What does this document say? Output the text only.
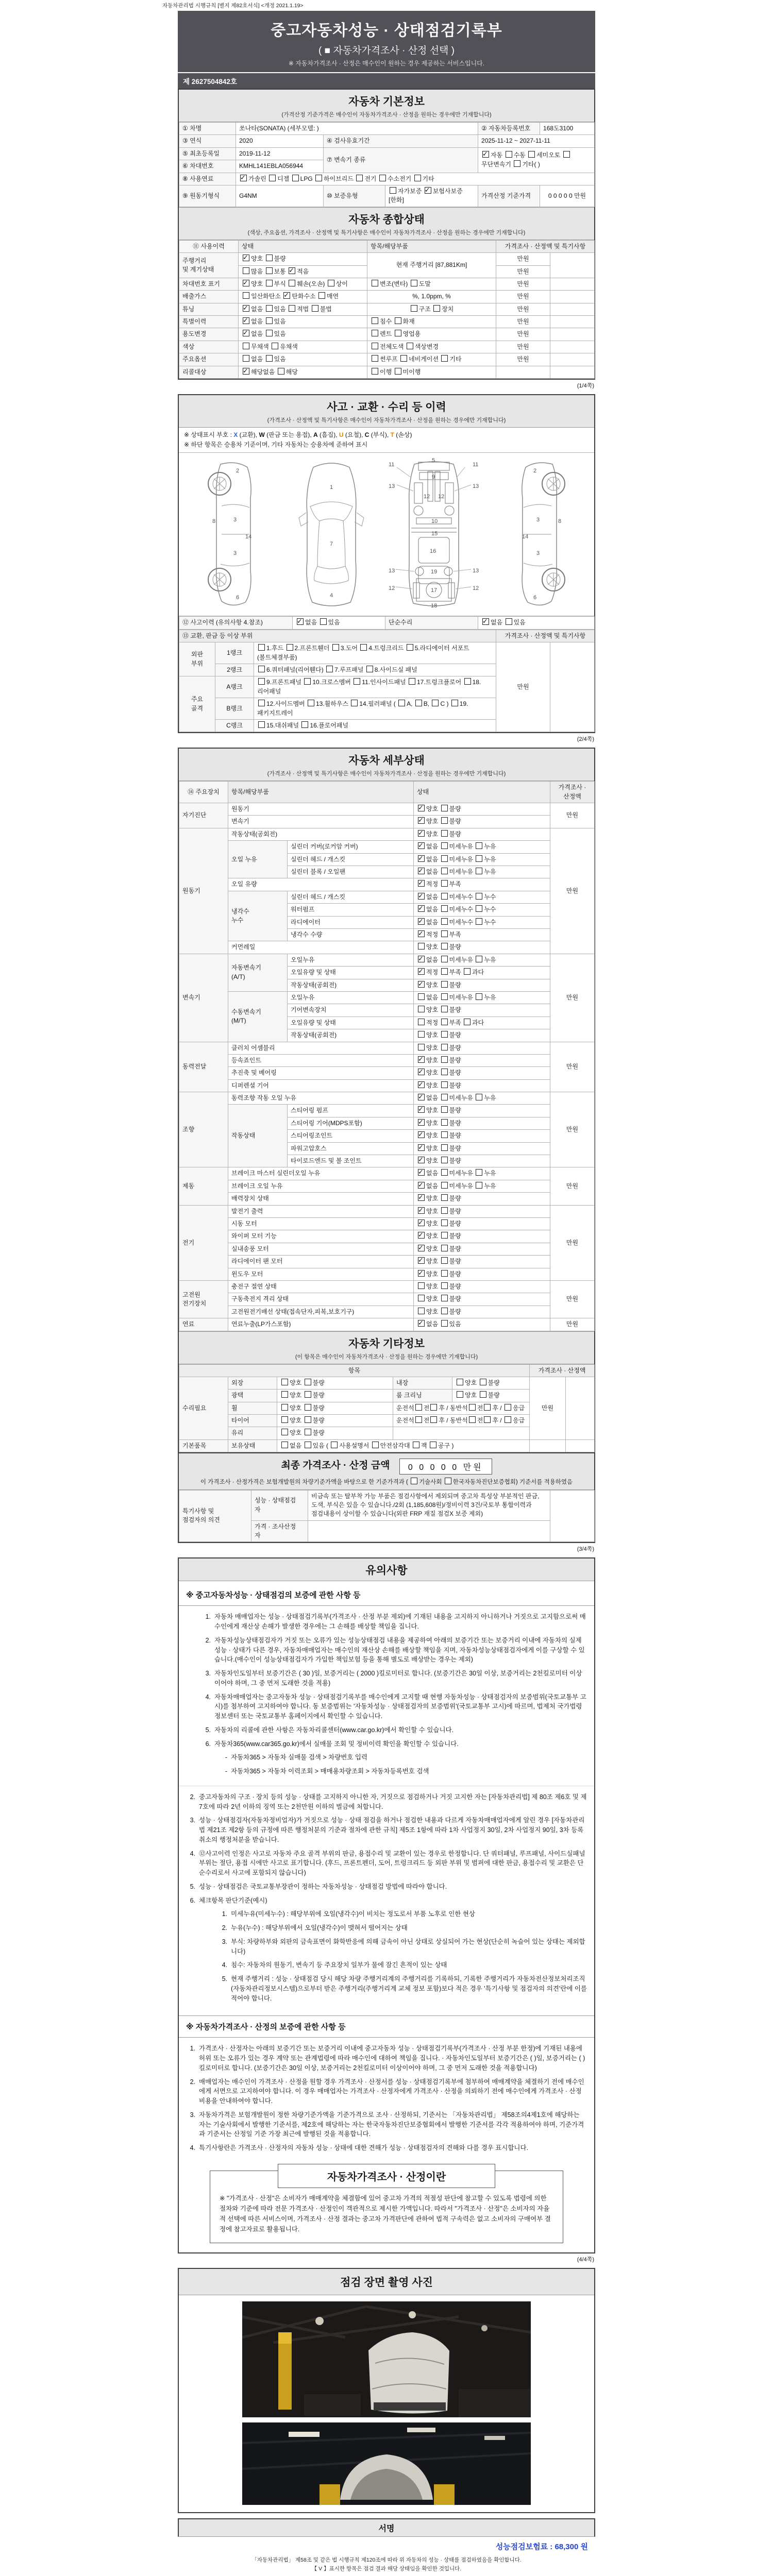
자동차관리법 시행규칙 [별지 제82호서식] <개정 2021.1.19>
중고자동차성능 · 상태점검기록부
( ■ 자동차가격조사 · 산정 선택 )
※ 자동차가격조사 · 산정은 매수인이 원하는 경우 제공하는 서비스입니다.
제 2627504842호
자동차 기본정보
(가격산정 기준가격은 매수인이 자동차가격조사 · 산정을 원하는 경우에만 기재합니다)
① 차명	쏘나타(SONATA) (세부모델: )			② 자동차등록번호	168도3100
③ 연식	2020	④ 검사유효기간		2025-11-12 ~ 2027-11-11	
⑤ 최초등록일	2019-11-12	⑦ 변속기 종류	✓자동 수동 세미오토 무단변속기 기타( )
⑥ 차대번호	KMHL141EBLA056944				
⑧ 사용연료	✓가솔린 디젤 LPG 하이브리드 전기 수소전기 기타
⑨ 원동기형식	G4NM	⑩ 보증유형	자가보증 ✓보험사보증 [한화]	가격산정 기준가격	0 0 0 0 0 만원
자동차 종합상태
(색상, 주요옵션, 가격조사 · 산정액 및 특기사항은 매수인이 자동차가격조사 · 산정을 원하는 경우에만 기재합니다)
⑪ 사용이력	상태	항목/해당부품	가격조사 · 산정액 및 특기사항	
주행거리
및 계기상태	✓양호 불량	현재 주행거리 [87,881Km]	만원	
	많음 보통 ✓적음		만원	
차대번호 표기	✓양호 부식 훼손(오손) 상이	변조(변타) 도말	만원	
배출가스	일산화탄소 ✓탄화수소 매연	%, 1.0ppm, %	만원	
튜닝	✓없음 있음 적법 불법	구조 장치	만원	
특별이력	✓없음 있음	침수 화재	만원	
용도변경	✓없음 있음	렌트 영업용	만원	
색상	무채색 유채색	전체도색 색상변경	만원	
주요옵션	없음 있음	썬루프 네비게이션 기타	만원	
리콜대상	✓해당없음 해당	이행 미이행		
(1/4쪽)
사고 · 교환 · 수리 등 이력
(가격조사 · 산정액 및 특기사항은 매수인이 자동차가격조사 · 산정을 원하는 경우에만 기재합니다)
※ 상태표시 부호 : X (교환), W (판금 또는 용접), A (흠집), U (요철), C (부식), T (손상)
※ 하단 항목은 승용차 기준이며, 기타 자동차는 승용차에 준하여 표시
2
8	3
14
3
6
1
7
4
11	11
5
9
13	13
12 12
10
15
16
13	13
19
12	12
17
18
2
8
3
14
3
6
⑫ 사고이력 (유의사항 4.참조)	✓없음 있음	단순수리	✓없음 있음
⑬ 교환, 판금 등 이상 부위			가격조사 · 산정액 및 특기사항	
외판
부위	1랭크	1.후드 2.프론트휀더 3.도어 4.트렁크리드 5.라디에이터 서포트(볼트체결부품)	만원	
	2랭크	6.쿼터패널(리어휀다) 7.루프패널 8.사이드실 패널		
주요
골격	A랭크	9.프론트패널 10.크로스멤버 11.인사이드패널 17.트렁크플로어 18.리어패널		
	B랭크	12.사이드멤버 13.휠하우스 14.필러패널 ( A, B, C ) 19.패키지트레이		
	C랭크	15.대쉬패널 16.플로어패널		
(2/4쪽)
자동차 세부상태
(가격조사 · 산정액 및 특기사항은 매수인이 자동차가격조사 · 산정을 원하는 경우에만 기재합니다)
⑭ 주요장치	항목/해당부품		상태	가격조사 · 산정액
자기진단	원동기	✓양호 불량	만원
	변속기	✓양호 불량
원동기	작동상태(공회전)	✓양호 불량	만원
	오일 누유	실린더 커버(로커암 커버)	✓없음 미세누유 누유
		실린더 헤드 / 개스킷	✓없음 미세누유 누유
		실린더 블록 / 오일팬	✓없음 미세누유 누유
	오일 유량	✓적정 부족
	냉각수
누수	실린더 헤드 / 개스킷	✓없음 미세누수 누수
		워터펌프	✓없음 미세누수 누수
		라디에이터	✓없음 미세누수 누수
		냉각수 수량	✓적정 부족
	커먼레일		양호 불량	
변속기	자동변속기
(A/T)	오일누유	✓없음 미세누유 누유	만원
		오일유량 및 상태	✓적정 부족 과다
		작동상태(공회전)	✓양호 불량
	수동변속기
(M/T)	오일누유	없음 미세누유 누유	
		기어변속장치	양호 불량	
		오일유량 및 상태	적정 부족 과다	
		작동상태(공회전)	양호 불량	
동력전달	클러치 어셈블리		양호 불량	만원
	등속죠인트	✓양호 불량
	추진축 및 베어링	✓양호 불량
	디퍼렌셜 기어	✓양호 불량
조향	동력조향 작동 오일 누유	✓없음 미세누유 누유	만원
	작동상태	스티어링 펌프	✓양호 불량
		스티어링 기어(MDPS포함)	✓양호 불량
		스티어링조인트	✓양호 불량
		파워고압호스	✓양호 불량
		타이로드엔드 및 볼 조인트	✓양호 불량
제동	브레이크 마스터 실린더오일 누유	✓없음 미세누유 누유	만원
	브레이크 오일 누유	✓없음 미세누유 누유
	배력장치 상태	✓양호 불량
전기	발전기 출력	✓양호 불량	만원
	시동 모터	✓양호 불량
	와이퍼 모터 기능	✓양호 불량
	실내송풍 모터	✓양호 불량
	라디에이터 팬 모터	✓양호 불량
	윈도우 모터	✓양호 불량
고전원
전기장치	충전구 절연 상태		양호 불량	만원
	구동축전지 격리 상태		양호 불량	
	고전원전기배선 상태(접속단자,피복,보호기구)		양호 불량	
연료	연료누출(LP가스포함)	✓없음 있음	만원
자동차 기타정보
(이 항목은 매수인이 자동차가격조사 · 산정을 원하는 경우에만 기재합니다)
항목					가격조사 · 산정액	
수리필요	외장	양호 불량	내장	양호 불량	만원	
	광택	양호 불량	룸 크리닝	양호 불량		
	휠	양호 불량	운전석 전 후 / 동반석 전 후 / 응급			
	타이어	양호 불량	운전석 전 후 / 동반석 전 후 / 응급			
	유리	양호 불량				
기본품목	보유상태	없음 있음 ( 사용설명서 안전삼각대 잭 공구 )				
최종 가격조사 · 산정 금액 0 0 0 0 0 만원
이 가격조사 · 산정가격은 보험개발원의 차량기준가액을 바탕으로 한 기준가격과 ( 기술사회 한국자동차진단보증협회) 기준서를 적용하였음
특기사항 및
점검자의 의견	성능 · 상태점검
자	비금속 또는 탈부착 가능 부품은 점검사항에서 제외되며 중고차 특성상 부분적인 판금, 도색, 부식은 있을 수 있습니다./2회 (1,185,608원)/정비이력 3건/국토부 통합이력과 점검내용이 상이할 수 있습니다(외판 FRP 재질 점검X 보증 제외)	
	가격 · 조사산정
자		

(3/4쪽)
유의사항
※ 중고자동차성능 · 상태점검의 보증에 관한 사항 등
1. 자동차 매매업자는 성능 · 상태점검기록부(가격조사 · 산정 부분 제외)에 기재된 내용을 고지하지 아니하거나 거짓으로 고지함으로써 매수인에게 재산상 손해가 발생한 경우에는 그 손해를 배상할 책임을 집니다.
2. 자동차성능상태점검자가 거짓 또는 오류가 있는 성능상태점검 내용을 제공하여 아래의 보증기간 또는 보증거리 이내에 자동차의 실제 성능 · 상태가 다른 경우, 자동차매매업자는 매수인의 재산상 손해를 배상할 책임을 지며, 자동차성능상태점검자에게 이를 구상할 수 있습니다.(매수인이 성능상태점검자가 가입한 책임보험 등을 통해 별도로 배상받는 경우는 제외)
3. 자동차인도일부터 보증기간은 ( 30 )일, 보증거리는 ( 2000 )킬로미터로 합니다. (보증기간은 30일 이상, 보증거리는 2천킬로미터 이상이어야 하며, 그 중 먼저 도래한 것을 적용)
4. 자동차매매업자는 중고자동차 성능 · 상태점검기록부를 매수인에게 고지할 때 현행 자동차성능 · 상태점검자의 보증범위(국토교통부 고시)를 첨부하여 고지하여야 합니다. 동 보증범위는 '자동차성능 · 상태점검자의 보증범위'(국토교통부 고시)에 따르며, 법제처 국가법령정보센터 또는 국토교통부 홈페이지에서 확인할 수 있습니다.
5. 자동차의 리콜에 관한 사항은 자동차리콜센터(www.car.go.kr)에서 확인할 수 있습니다.
6. 자동차365(www.car365.go.kr)에서 실매물 조회 및 정비이력 확인을 확인할 수 있습니다.
- 자동차365 > 자동차 실매물 검색 > 차량번호 입력
- 자동차365 > 자동차 이력조회 > 매매용차량조회 > 자동차등록번호 검색
2. 중고자동차의 구조 · 장치 등의 성능 · 상태를 고지하지 아니한 자, 거짓으로 점검하거나 거짓 고지한 자는 [자동차관리법] 제 80조 제6호 및 제7호에 따라 2년 이하의 징역 또는 2천만원 이하의 벌금에 처합니다.
3. 성능 · 상태점검자(자동차정비업자)가 거짓으로 성능 · 상태 점검을 하거나 점검한 내용과 다르게 자동차매매업자에게 알린 경우 [자동차관리법 제21조 제2항 등의 규정에 따른 행정처분의 기준과 절차에 관한 규칙] 제5조 1항에 따라 1차 사업정지 30일, 2차 사업정지 90일, 3차 등록취소의 행정처분을 받습니다.
4. ⑫사고이력 인정은 사고로 자동차 주요 골격 부위의 판금, 용접수리 및 교환이 있는 경우로 한정합니다. 단 쿼터패널, 루프패널, 사이드실패널 부위는 절단, 용접 시에만 사고로 표기합니다. (후드, 프론트펜더, 도어, 트렁크리드 등 외판 부위 및 범퍼에 대한 판금, 용접수리 및 교환은 단순수리로서 사고에 포함되지 않습니다)
5. 성능 · 상태점검은 국토교통부장관이 정하는 자동차성능 · 상태점검 방법에 따라야 합니다.
6. 체크항목 판단기준(예시)
1. 미세누유(미세누수) : 해당부위에 오일(냉각수)이 비치는 정도로서 부품 노후로 인한 현상
2. 누유(누수) : 해당부위에서 오일(냉각수)이 맺혀서 떨어지는 상태
3. 부식: 차량하부와 외판의 금속표면이 화학반응에 의해 금속이 아닌 상태로 상실되어 가는 현상(단순히 녹슬어 있는 상태는 제외합니다)
4. 침수: 자동차의 원동기, 변속기 등 주요장치 일부가 물에 잠긴 흔적이 있는 상태
5. 현재 주행거리 : 성능 · 상태점검 당시 해당 차량 주행거리계의 주행거리를 기록하되, 기록한 주행거리가 자동차전산정보처리조직(자동차관리정보시스템)으로부터 받은 주행거리(주행거리계 교체 정보 포함)보다 적은 경우 '특기사항 및 점검자의 의견'란에 이를 적어야 합니다.
※ 자동차가격조사 · 산정의 보증에 관한 사항 등
1. 가격조사 · 산정자는 아래의 보증기간 또는 보증거리 이내에 중고자동차 성능 · 상태점검기록부(가격조사 · 산정 부분 한정)에 기재된 내용에 허위 또는 오류가 있는 경우 계약 또는 관계법령에 따라 매수인에 대하여 책임을 집니다. · 자동차인도일부터 보증기간은 ( )일, 보증거리는 ( )킬로미터로 합니다. (보증기간은 30일 이상, 보증거리는 2천킬로미터 이상이어야 하며, 그 중 먼저 도래한 것을 적용합니다)
2. 매매업자는 매수인이 가격조사 · 산정을 원할 경우 가격조사 · 산정서를 성능 · 상태점검기록부에 첨부하여 매매계약을 체결하기 전에 매수인에게 서면으로 고지하여야 합니다. 이 경우 매매업자는 가격조사 · 산정자에게 가격조사 · 산정을 의뢰하기 전에 매수인에게 가격조사 · 산정 비용을 안내하여야 합니다.
3. 자동차가격은 보험개발원이 정한 차량기준가액을 기준가격으로 조사 · 산정하되, 기준서는 「자동차관리법」 제58조의4제1호에 해당하는 자는 기술사회에서 발행한 기준서를, 제2호에 해당하는 자는 한국자동차진단보증협회에서 발행한 기준서를 각각 적용하여야 하며, 기준가격과 기준서는 산정일 기준 가장 최근에 발행된 것을 적용합니다.
4. 특기사항란은 가격조사 · 산정자의 자동차 성능 · 상태에 대한 견해가 성능 · 상태점검자의 견해와 다를 경우 표시합니다.
자동차가격조사 · 산정이란
※ "가격조사 · 산정"은 소비자가 매매계약을 체결함에 있어 중고차 가격의 적절성 판단에 참고할 수 있도록 법령에 의한 절차와 기준에 따라 전문 가격조사 · 산정인이 객관적으로 제시한 가액입니다. 따라서 "가격조사 · 산정"은 소비자의 자율적 선택에 따른 서비스이며, 가격조사 · 산정 결과는 중고차 가격판단에 관하여 법적 구속력은 없고 소비자의 구매여부 결정에 참고자료로 활용됩니다.
(4/4쪽)
점검 장면 촬영 사진
서명
성능점검보험료 : 68,300 원
「자동차관리법」 제58조 및 같은 법 시행규칙 제120조에 따라 위 자동차의 성능 · 상태를 점검하였음을 확인합니다.
【 V 】표시한 항목은 점검 결과 해당 상태임을 확인한 것입니다.
